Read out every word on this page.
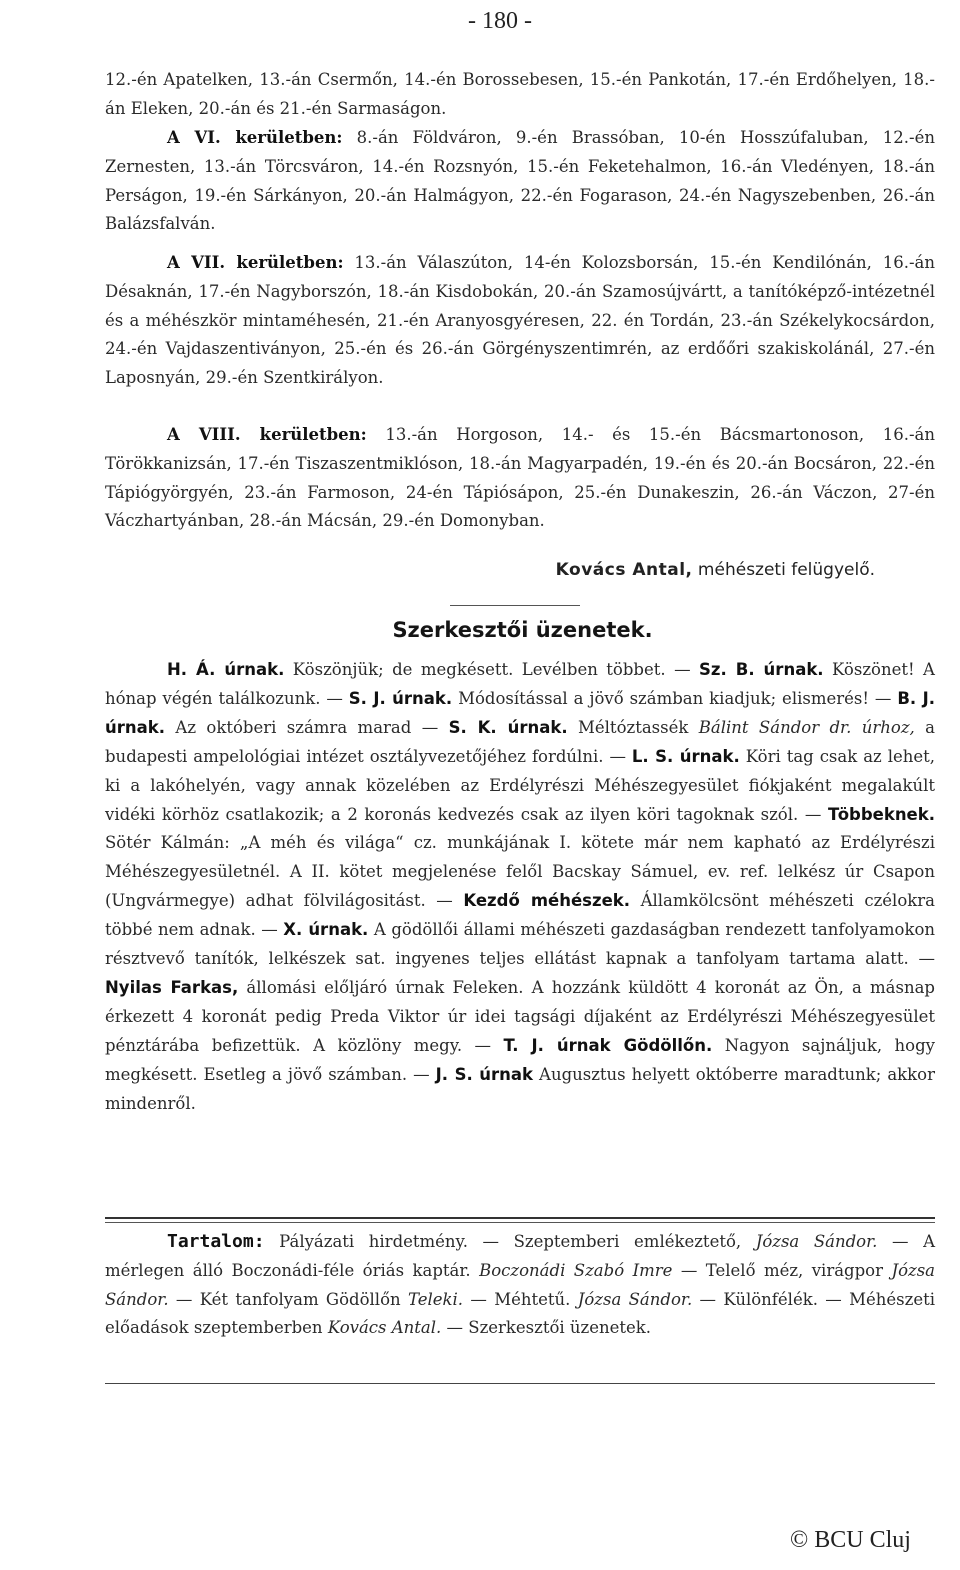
- 180 -

12.-én Apatelken, 13.-án Csermőn, 14.-én Borossebesen, 15.-én Pankotán, 17.-én Erdőhelyen, 18.-án Eleken, 20.-án és 21.-én Sarmaságon.

A VI. kerületben: 8.-án Földváron, 9.-én Brassóban, 10-én Hosszúfaluban, 12.-én Zernesten, 13.-án Törcsváron, 14.-én Rozsnyón, 15.-én Feketehalmon, 16.-án Vledényen, 18.-án Perságon, 19.-én Sárkányon, 20.-án Halmágyon, 22.-én Fogarason, 24.-én Nagyszebenben, 26.-án Balázsfalván.

A VII. kerületben: 13.-án Válaszúton, 14-én Kolozsborsán, 15.-én Kendilónán, 16.-án Désaknán, 17.-én Nagyborszón, 18.-án Kisdobokán, 20.-án Szamosújvártt, a tanítóképző-intézetnél és a méhészkör mintaméhesén, 21.-én Aranyosgyéresen, 22. én Tordán, 23.-án Székelykocsárdon, 24.-én Vajdaszentiványon, 25.-én és 26.-án Görgényszentimrén, az erdőőri szakiskolánál, 27.-én Laposnyán, 29.-én Szentkirályon.

A VIII. kerületben: 13.-án Horgoson, 14.- és 15.-én Bácsmartonoson, 16.-án Törökkanizsán, 17.-én Tiszaszentmiklóson, 18.-án Magyarpadén, 19.-én és 20.-án Bocsáron, 22.-én Tápiógyörgyén, 23.-án Farmoson, 24-én Tápiósápon, 25.-én Dunakeszin, 26.-án Váczon, 27-én Váczhartyánban, 28.-án Mácsán, 29.-én Domonyban.

Kovács Antal, méhészeti felügyelő.
Szerkesztői üzenetek.

H. Á. úrnak. Köszönjük; de megkésett. Levélben többet. — Sz. B. úrnak. Köszönet! A hónap végén találkozunk. — S. J. úrnak. Módosítással a jövő számban kiadjuk; elismerés! — B. J. úrnak. Az októberi számra marad — S. K. úrnak. Méltóztassék Bálint Sándor dr. úrhoz, a budapesti ampelológiai intézet osztályvezetőjéhez fordúlni. — L. S. úrnak. Köri tag csak az lehet, ki a lakóhelyén, vagy annak közelében az Erdélyrészi Méhészegyesület fiókjaként megalakúlt vidéki körhöz csatlakozik; a 2 koronás kedvezés csak az ilyen köri tagoknak szól. — Többeknek. Sötér Kálmán: „A méh és világa“ cz. munkájának I. kötete már nem kapható az Erdélyrészi Méhészegyesületnél. A II. kötet megjelenése felől Bacskay Sámuel, ev. ref. lelkész úr Csapon (Ungvármegye) adhat fölvilágositást. — Kezdő méhészek. Államkölcsönt méhészeti czélokra többé nem adnak. — X. úrnak. A gödöllői állami méhészeti gazdaságban rendezett tanfolyamokon résztvevő tanítók, lelkészek sat. ingyenes teljes ellátást kapnak a tanfolyam tartama alatt. — Nyilas Farkas, állomási előljáró úrnak Feleken. A hozzánk küldött 4 koronát az Ön, a másnap érkezett 4 koronát pedig Preda Viktor úr idei tagsági díjaként az Erdélyrészi Méhészegyesület pénztárába befizettük. A közlöny megy. — T. J. úrnak Gödöllőn. Nagyon sajnáljuk, hogy megkésett. Esetleg a jövő számban. — J. S. úrnak Augusztus helyett októberre maradtunk; akkor mindenről.

Tartalom: Pályázati hirdetmény. — Szeptemberi emlékeztető, Józsa Sándor. — A mérlegen álló Boczonádi-féle óriás kaptár. Boczonádi Szabó Imre — Telelő méz, virágpor Józsa Sándor. — Két tanfolyam Gödöllőn Teleki. — Méhtetű. Józsa Sándor. — Különfélék. — Méhészeti előadások szeptemberben Kovács Antal. — Szerkesztői üzenetek.

© BCU Cluj
